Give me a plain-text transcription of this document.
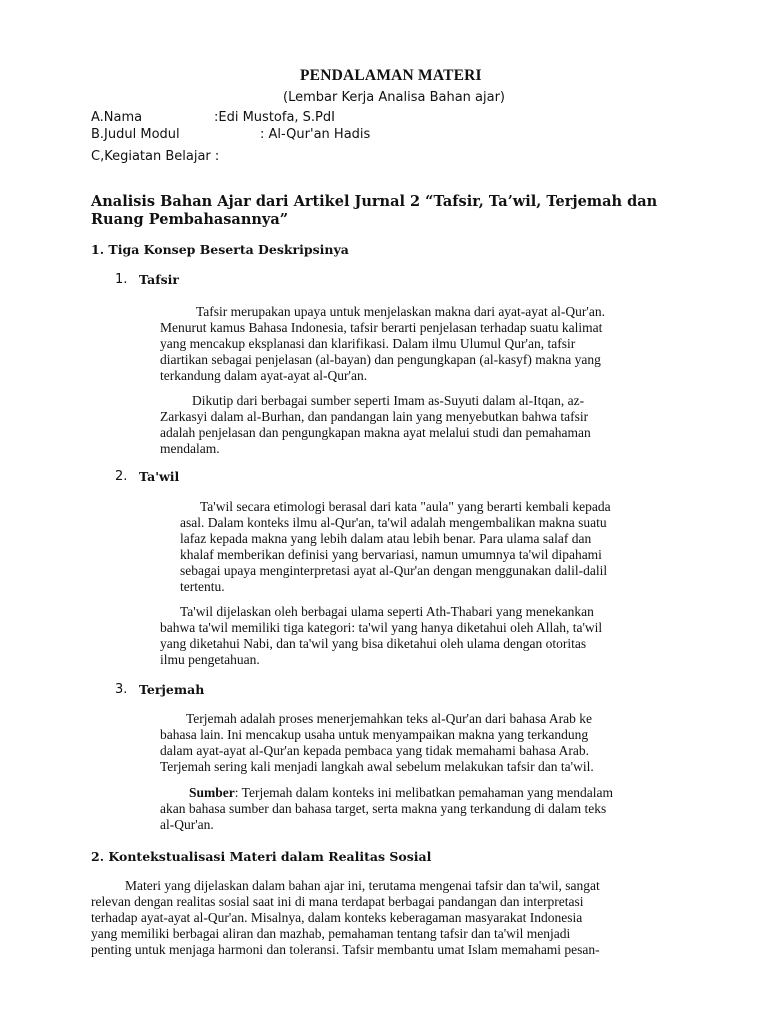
PENDALAMAN MATERI
(Lembar Kerja Analisa Bahan ajar)
A.Nama	:Edi Mustofa, S.PdI
B.Judul Modul	: Al-Qur'an Hadis
C,Kegiatan Belajar :
Analisis Bahan Ajar dari Artikel Jurnal 2 “Tafsir, Ta’wil, Terjemah dan
Ruang Pembahasannya”
1. Tiga Konsep Beserta Deskripsinya
1. Tafsir
Tafsir merupakan upaya untuk menjelaskan makna dari ayat-ayat al-Qur'an.
Menurut kamus Bahasa Indonesia, tafsir berarti penjelasan terhadap suatu kalimat
yang mencakup eksplanasi dan klarifikasi. Dalam ilmu Ulumul Qur'an, tafsir
diartikan sebagai penjelasan (al-bayan) dan pengungkapan (al-kasyf) makna yang
terkandung dalam ayat-ayat al-Qur'an.
Dikutip dari berbagai sumber seperti Imam as-Suyuti dalam al-Itqan, az-
Zarkasyi dalam al-Burhan, dan pandangan lain yang menyebutkan bahwa tafsir
adalah penjelasan dan pengungkapan makna ayat melalui studi dan pemahaman
mendalam.
2. Ta'wil
Ta'wil secara etimologi berasal dari kata "aula" yang berarti kembali kepada
asal. Dalam konteks ilmu al-Qur'an, ta'wil adalah mengembalikan makna suatu
lafaz kepada makna yang lebih dalam atau lebih benar. Para ulama salaf dan
khalaf memberikan definisi yang bervariasi, namun umumnya ta'wil dipahami
sebagai upaya menginterpretasi ayat al-Qur'an dengan menggunakan dalil-dalil
tertentu.
Ta'wil dijelaskan oleh berbagai ulama seperti Ath-Thabari yang menekankan
bahwa ta'wil memiliki tiga kategori: ta'wil yang hanya diketahui oleh Allah, ta'wil
yang diketahui Nabi, dan ta'wil yang bisa diketahui oleh ulama dengan otoritas
ilmu pengetahuan.
3. Terjemah
Terjemah adalah proses menerjemahkan teks al-Qur'an dari bahasa Arab ke
bahasa lain. Ini mencakup usaha untuk menyampaikan makna yang terkandung
dalam ayat-ayat al-Qur'an kepada pembaca yang tidak memahami bahasa Arab.
Terjemah sering kali menjadi langkah awal sebelum melakukan tafsir dan ta'wil.
Sumber: Terjemah dalam konteks ini melibatkan pemahaman yang mendalam
akan bahasa sumber dan bahasa target, serta makna yang terkandung di dalam teks
al-Qur'an.
2. Kontekstualisasi Materi dalam Realitas Sosial
Materi yang dijelaskan dalam bahan ajar ini, terutama mengenai tafsir dan ta'wil, sangat
relevan dengan realitas sosial saat ini di mana terdapat berbagai pandangan dan interpretasi
terhadap ayat-ayat al-Qur'an. Misalnya, dalam konteks keberagaman masyarakat Indonesia
yang memiliki berbagai aliran dan mazhab, pemahaman tentang tafsir dan ta'wil menjadi
penting untuk menjaga harmoni dan toleransi. Tafsir membantu umat Islam memahami pesan-
